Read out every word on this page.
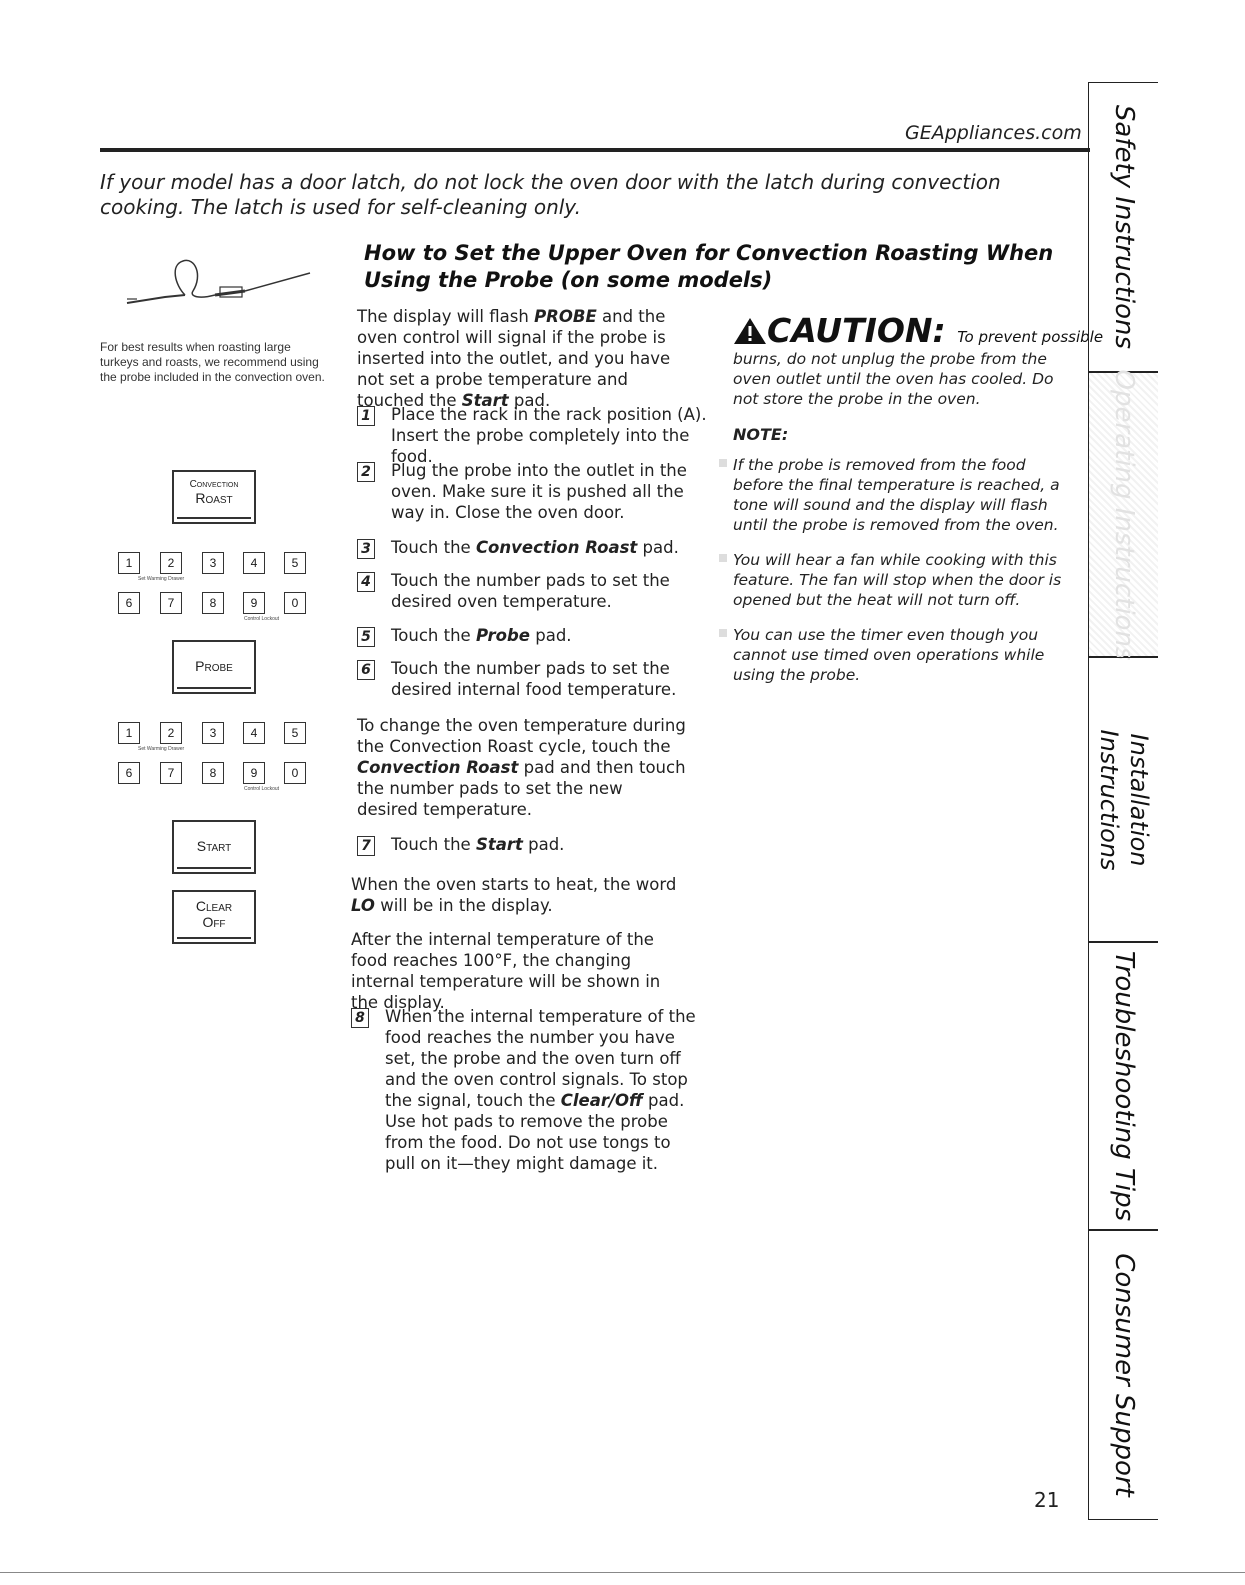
GEAppliances.com
If your model has a door latch, do not lock the oven door with the latch during convection cooking. The latch is used for self-cleaning only.
How to Set the Upper Oven for Convection Roasting When Using the Probe (on some models)
For best results when roasting large turkeys and roasts, we recommend using the probe included in the convection oven.
Convection
Roast
1	2	3	4	5
6	7	8	9	0
Set Warming Drawer
Control Lockout
Probe
1	2	3	4	5
6	7	8	9	0
Set Warming Drawer
Control Lockout
Start
Clear
Off

The display will flash PROBE and the oven control will signal if the probe is inserted into the outlet, and you have not set a probe temperature and touched the Start pad.

1 Place the rack in the rack position (A). Insert the probe completely into the food.
2 Plug the probe into the outlet in the oven. Make sure it is pushed all the way in. Close the oven door.
3 Touch the Convection Roast pad.
4 Touch the number pads to set the desired oven temperature.
5 Touch the Probe pad.
6 Touch the number pads to set the desired internal food temperature.

To change the oven temperature during the Convection Roast cycle, touch the Convection Roast pad and then touch the number pads to set the new desired temperature.

7 Touch the Start pad.

When the oven starts to heat, the word LO will be in the display.

After the internal temperature of the food reaches 100°F, the changing internal temperature will be shown in the display.
8 When the internal temperature of the food reaches the number you have set, the probe and the oven turn off and the oven control signals. To stop the signal, touch the Clear/Off pad. Use hot pads to remove the probe from the food. Do not use tongs to pull on it—they might damage it.
CAUTION: To prevent possible
burns, do not unplug the probe from the oven outlet until the oven has cooled. Do not store the probe in the oven.
NOTE:
If the probe is removed from the food before the final temperature is reached, a tone will sound and the display will flash until the probe is removed from the oven.
You will hear a fan while cooking with this feature. The fan will stop when the door is opened but the heat will not turn off.
You can use the timer even though you cannot use timed oven operations while using the probe.
Safety Instructions
Operating Instructions
Installation Instructions
Troubleshooting Tips
Consumer Support
21
